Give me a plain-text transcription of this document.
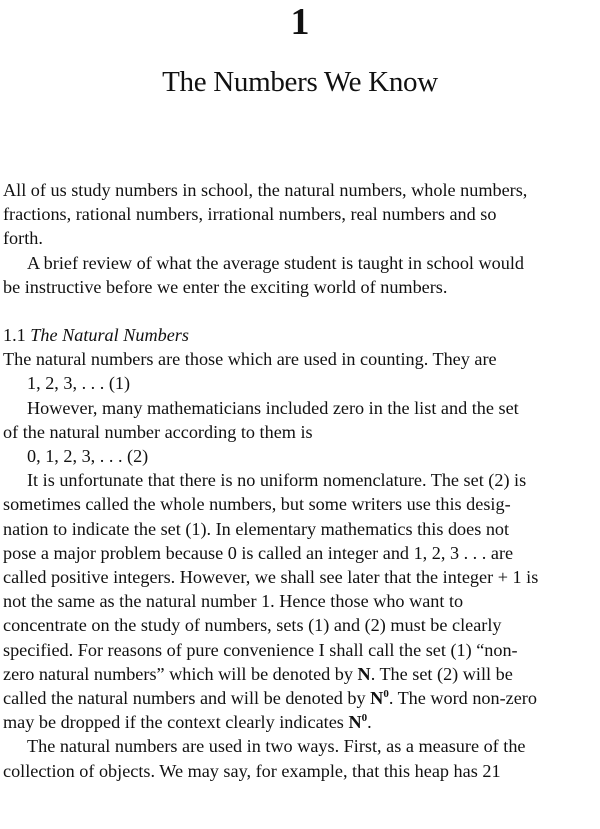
1
The Numbers We Know

All of us study numbers in school, the natural numbers, whole numbers,
fractions, rational numbers, irrational numbers, real numbers and so
forth.

A brief review of what the average student is taught in school would
be instructive before we enter the exciting world of numbers.

1.1 The Natural Numbers

The natural numbers are those which are used in counting. They are

1, 2, 3, . . . (1)

However, many mathematicians included zero in the list and the set
of the natural number according to them is

0, 1, 2, 3, . . . (2)

It is unfortunate that there is no uniform nomenclature. The set (2) is
sometimes called the whole numbers, but some writers use this desig-
nation to indicate the set (1). In elementary mathematics this does not
pose a major problem because 0 is called an integer and 1, 2, 3 . . . are
called positive integers. However, we shall see later that the integer + 1 is
not the same as the natural number 1. Hence those who want to
concentrate on the study of numbers, sets (1) and (2) must be clearly
specified. For reasons of pure convenience I shall call the set (1) “non-
zero natural numbers” which will be denoted by N. The set (2) will be
called the natural numbers and will be denoted by $N^0$. The word non-zero
may be dropped if the context clearly indicates $N^0$.

The natural numbers are used in two ways. First, as a measure of the
collection of objects. We may say, for example, that this heap has 21
